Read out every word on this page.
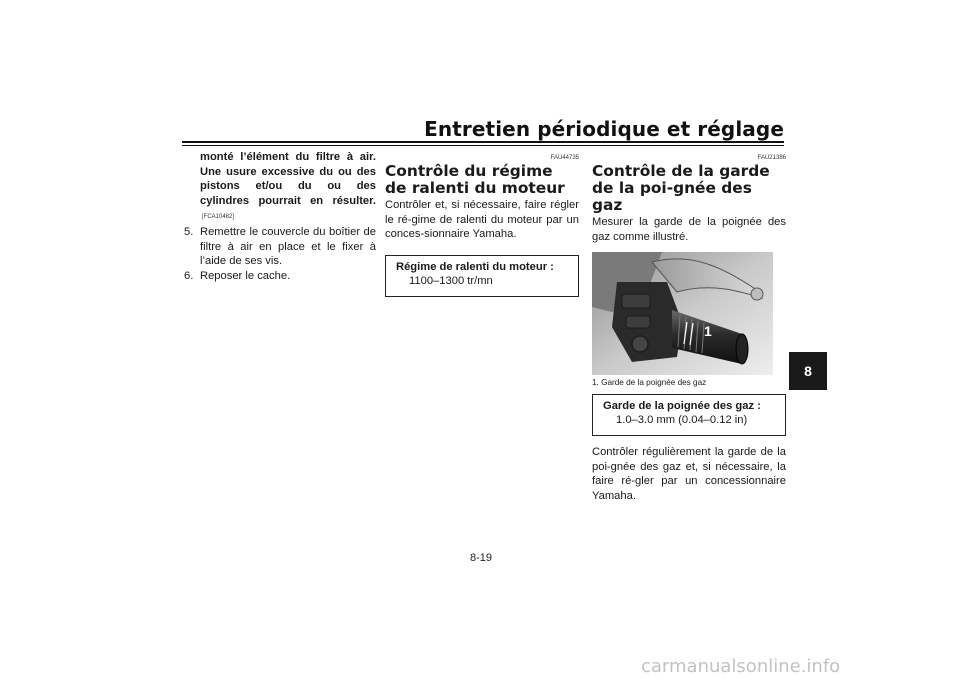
Entretien périodique et réglage
8
monté l’élément du filtre à air. Une usure excessive du ou des pistons et/ou du ou des cylindres pourrait en résulter.[FCA10482]
5. Remettre le couvercle du boîtier de filtre à air en place et le fixer à l’aide de ses vis.
6. Reposer le cache.
FAU44735
Contrôle du régime de ralenti du moteur
Contrôler et, si nécessaire, faire régler le ré-gime de ralenti du moteur par un conces-sionnaire Yamaha.
Régime de ralenti du moteur :
1100–1300 tr/mn
FAU21386
Contrôle de la garde de la poi-gnée des gaz
Mesurer la garde de la poignée des gaz comme illustré.
1
1. Garde de la poignée des gaz
Garde de la poignée des gaz :
1.0–3.0 mm (0.04–0.12 in)
Contrôler régulièrement la garde de la poi-gnée des gaz et, si nécessaire, la faire ré-gler par un concessionnaire Yamaha.
8-19
carmanualsonline.info
